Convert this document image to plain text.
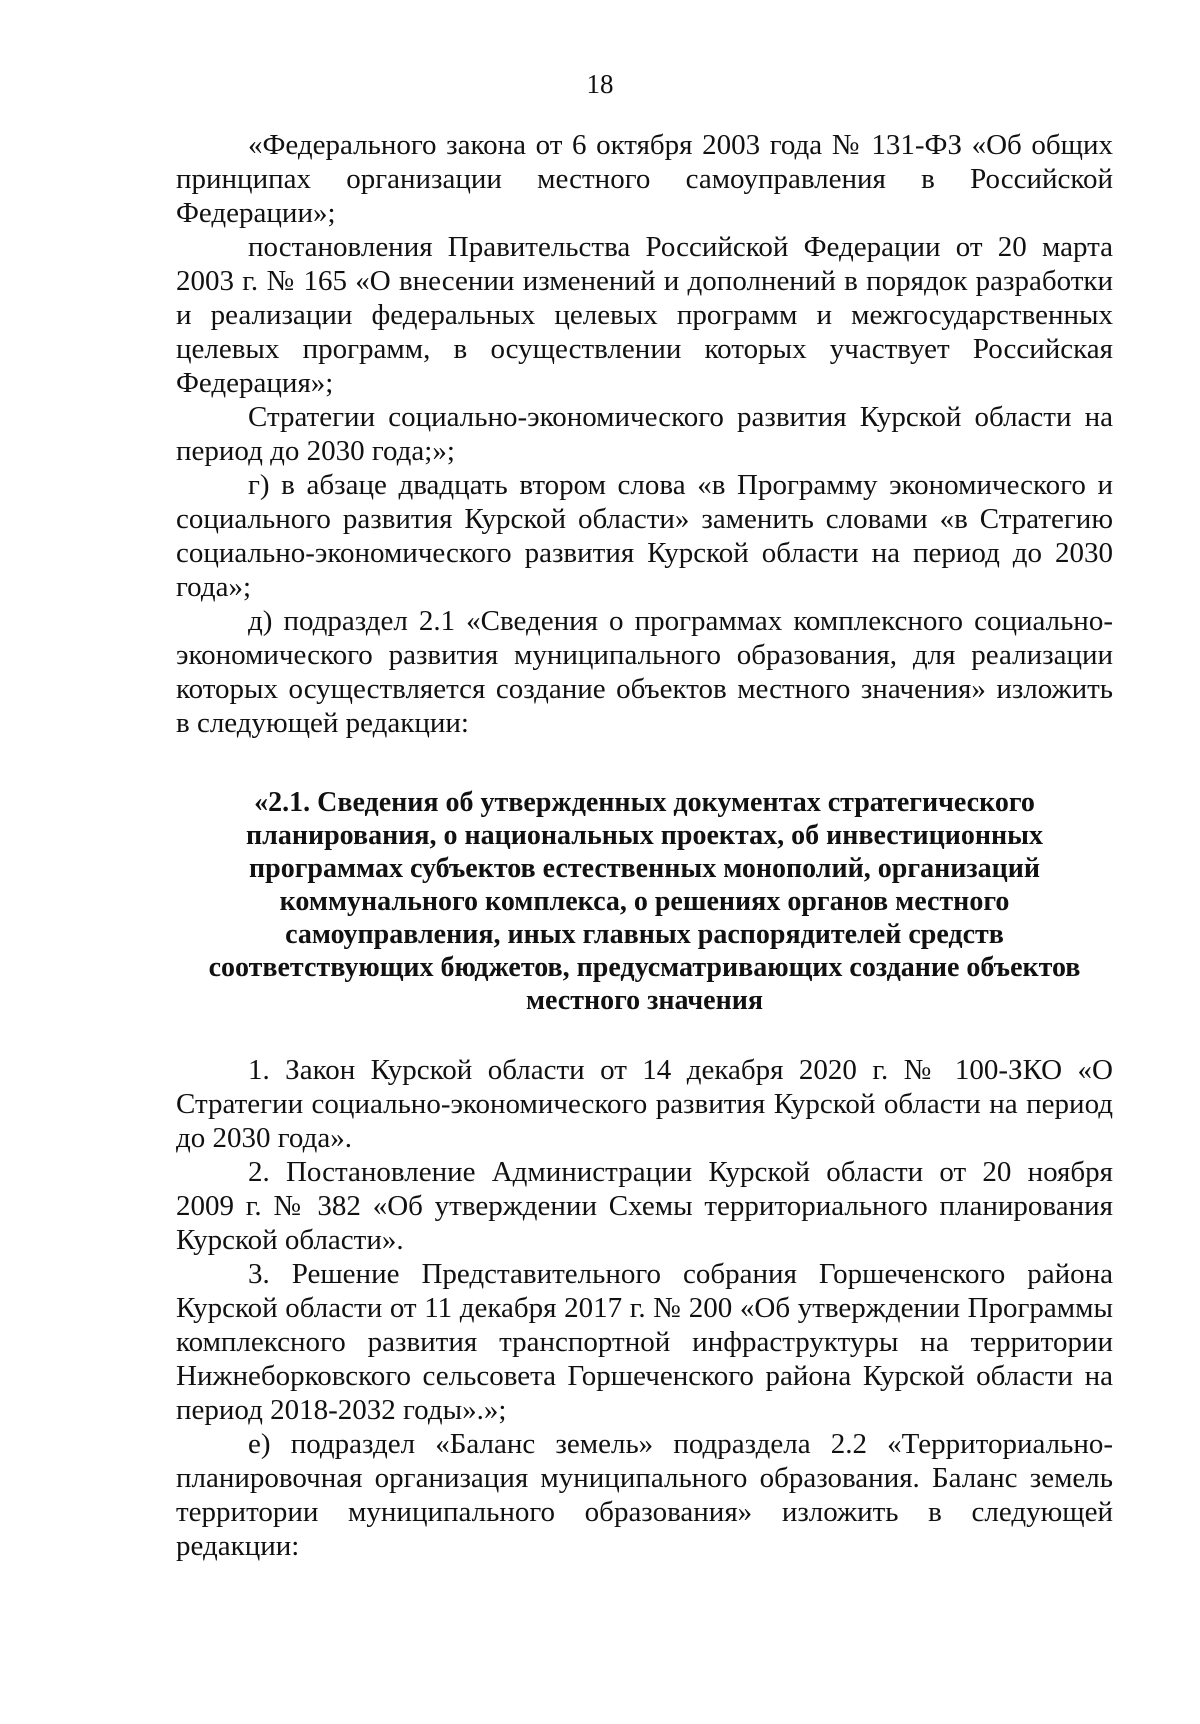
18

«Федерального закона от 6 октября 2003 года № 131-ФЗ «Об общих принципах организации местного самоуправления в Российской Федерации»;

постановления Правительства Российской Федерации от 20 марта 2003 г. № 165 «О внесении изменений и дополнений в порядок разработки и реализации федеральных целевых программ и межгосударственных целевых программ, в осуществлении которых участвует Российская Федерация»;

Стратегии социально-экономического развития Курской области на период до 2030 года;»;

г) в абзаце двадцать втором слова «в Программу экономического и социального развития Курской области» заменить словами «в Стратегию социально-экономического развития Курской области на период до 2030 года»;

д) подраздел 2.1 «Сведения о программах комплексного социально-экономического развития муниципального образования, для реализации которых осуществляется создание объектов местного значения» изложить в следующей редакции:

«2.1. Сведения об утвержденных документах стратегического планирования, о национальных проектах, об инвестиционных программах субъектов естественных монополий, организаций коммунального комплекса, о решениях органов местного самоуправления, иных главных распорядителей средств соответствующих бюджетов, предусматривающих создание объектов местного значения

1. Закон Курской области от 14 декабря 2020 г. № 100-ЗКО «О Стратегии социально-экономического развития Курской области на период до 2030 года».

2. Постановление Администрации Курской области от 20 ноября 2009 г. № 382 «Об утверждении Схемы территориального планирования Курской области».

3. Решение Представительного собрания Горшеченского района Курской области от 11 декабря 2017 г. № 200 «Об утверждении Программы комплексного развития транспортной инфраструктуры на территории Нижнеборковского сельсовета Горшеченского района Курской области на период 2018-2032 годы».»;

е) подраздел «Баланс земель» подраздела 2.2 «Территориально-планировочная организация муниципального образования. Баланс земель территории муниципального образования» изложить в следующей редакции:
